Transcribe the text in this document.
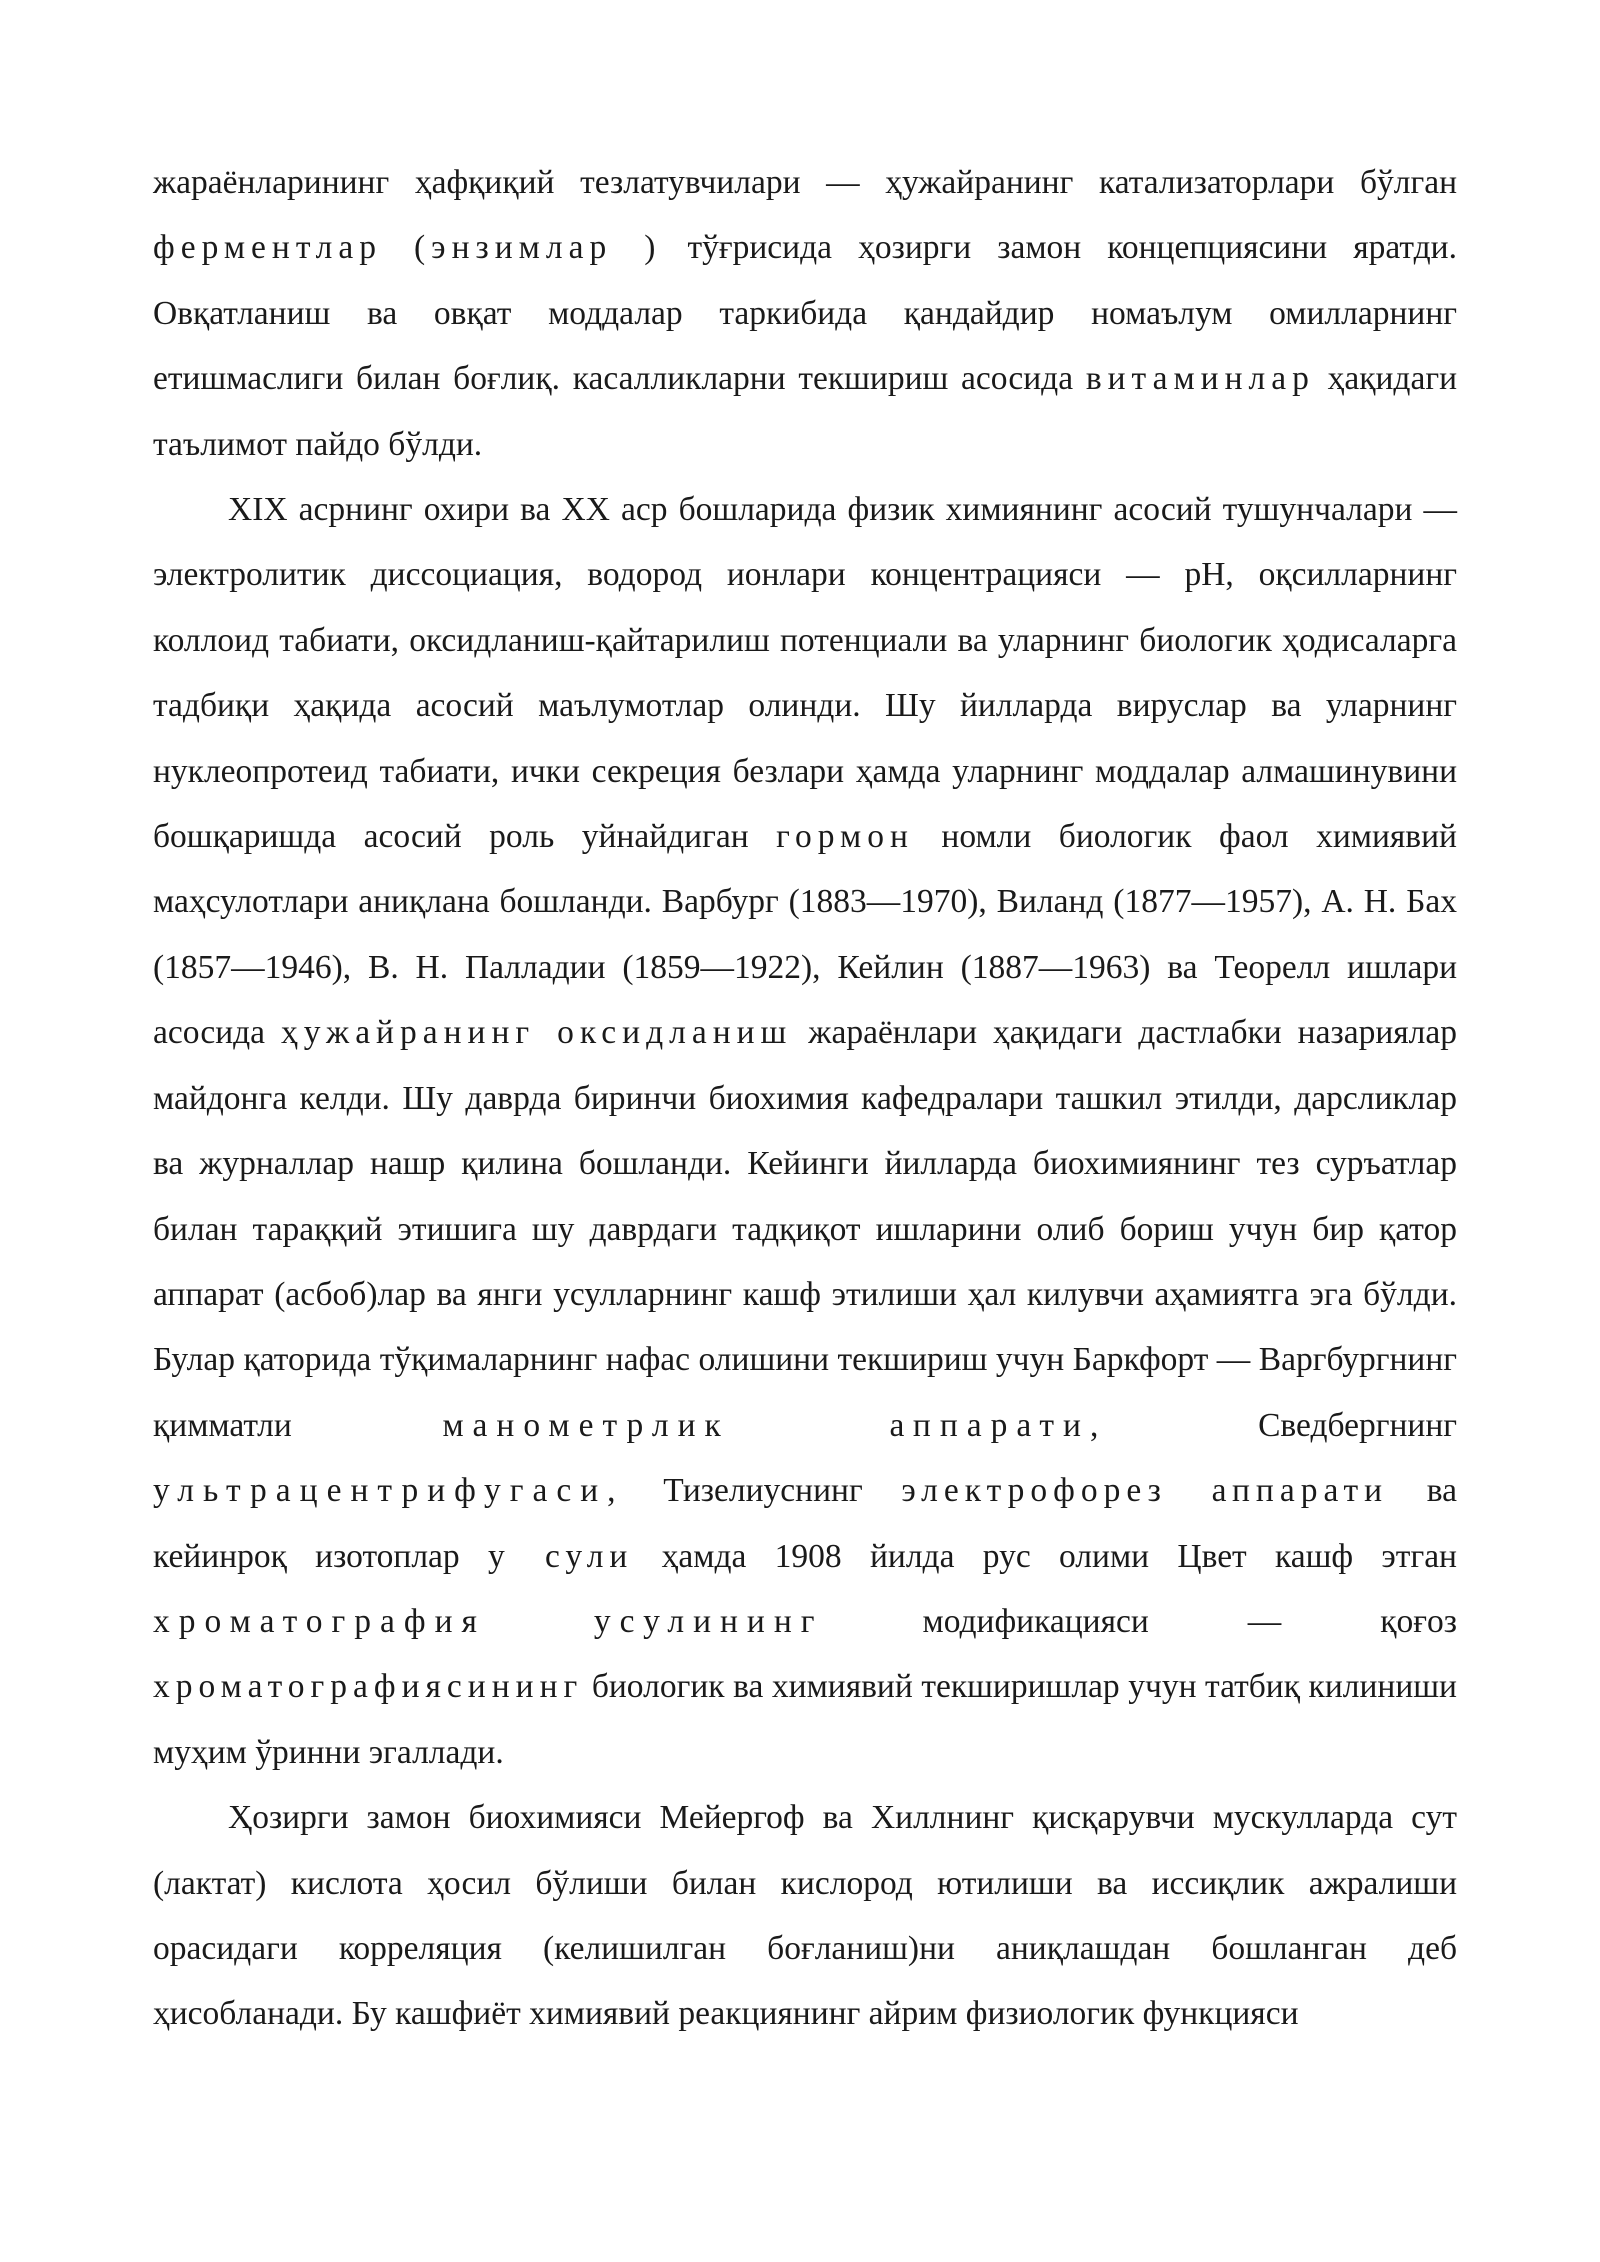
жараёнларининг ҳафқиқий тезлатувчилари — ҳужайранинг катализаторлари бўлган ферментлар (энзимлар ) тўғрисида ҳозирги замон концепциясини яратди. Овқатланиш ва овқат моддалар таркибида қандайдир номаълум омилларнинг етишмаслиги билан боғлиқ. касалликларни текшириш асосида витаминлар ҳақидаги таълимот пайдо бўлди.

XIX асрнинг охири ва XX аср бошларида физик химиянинг асосий тушунчалари — электролитик диссоциация, водород ионлари концентрацияси — pH, оқсилларнинг коллоид табиати, оксидланиш-қайтарилиш потенциали ва уларнинг биологик ҳодисаларга тадбиқи ҳақида асосий маълумотлар олинди. Шу йилларда вируслар ва уларнинг нуклеопротеид табиати, ички секреция безлари ҳамда уларнинг моддалар алмашинувини бошқаришда асосий роль уйнайдиган гормон номли биологик фаол химиявий маҳсулотлари аниқлана бошланди. Варбург (1883—1970), Виланд (1877—1957), А. Н. Бах (1857—1946), В. Н. Палладии (1859—1922), Кейлин (1887—1963) ва Теорелл ишлари асосида ҳужайранинг оксидланиш жараёнлари ҳақидаги дастлабки назариялар майдонга келди. Шу даврда биринчи биохимия кафедралари ташкил этилди, дарсликлар ва журналлар нашр қилина бошланди. Кейинги йилларда биохимиянинг тез суръатлар билан тараққий этишига шу даврдаги тадқиқот ишларини олиб бориш учун бир қатор аппарат (асбоб)лар ва янги усулларнинг кашф этилиши ҳал килувчи аҳамиятга эга бўлди. Булар қаторида тўқималарнинг нафас олишини текшириш учун Баркфорт — Варгбургнинг қимматли манометрлик аппарати, Сведбергнинг ультрацентрифугаси, Тизелиуснинг электрофорез аппарати ва кейинроқ изотоплар у сули ҳамда 1908 йилда рус олими Цвет кашф этган хроматография усулининг модификацияси — қоғоз хроматографиясининг биологик ва химиявий текширишлар учун татбиқ килиниши муҳим ўринни эгаллади.

Ҳозирги замон биохимияси Мейергоф ва Хиллнинг қисқарувчи мускулларда сут (лактат) кислота ҳосил бўлиши билан кислород ютилиши ва иссиқлик ажралиши орасидаги корреляция (келишилган боғланиш)ни аниқлашдан бошланган деб ҳисобланади. Бу кашфиёт химиявий реакциянинг айрим физиологик функцияси
